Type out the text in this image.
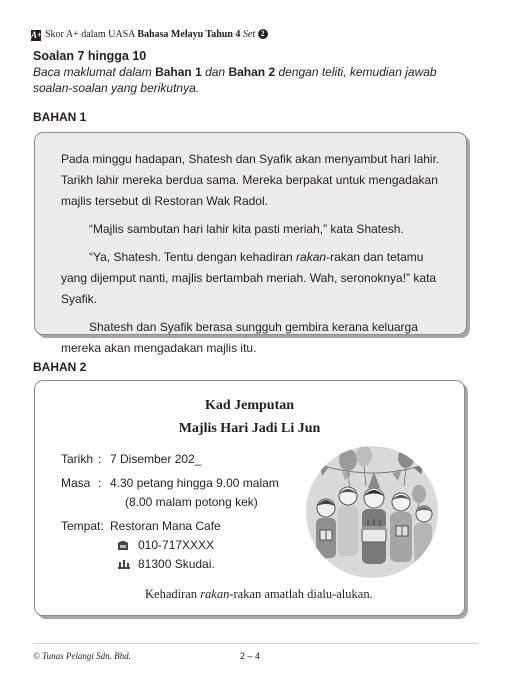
A+ Skor A+ dalam UASA Bahasa Melayu Tahun 4 Set 2
Soalan 7 hingga 10
Baca maklumat dalam Bahan 1 dan Bahan 2 dengan teliti, kemudian jawab soalan-soalan yang berikutnya.
BAHAN 1

Pada minggu hadapan, Shatesh dan Syafik akan menyambut hari lahir. Tarikh lahir mereka berdua sama. Mereka berpakat untuk mengadakan majlis tersebut di Restoran Wak Radol.

“Majlis sambutan hari lahir kita pasti meriah,” kata Shatesh.

“Ya, Shatesh. Tentu dengan kehadiran rakan-rakan dan tetamu yang dijemput nanti, majlis bertambah meriah. Wah, seronoknya!” kata Syafik.

Shatesh dan Syafik berasa sungguh gembira kerana keluarga mereka akan mengadakan majlis itu.

BAHAN 2
Kad Jemputan
Majlis Hari Jadi Li Jun
Tarikh : 7 Disember 202_
Masa : 4.30 petang hingga 9.00 malam
(8.00 malam potong kek)
Tempat: Restoran Mana Cafe
010-717XXXX
81300 Skudai.
Kehadiran rakan-rakan amatlah dialu-alukan.
© Tunas Pelangi Sdn. Bhd.	2 – 4
